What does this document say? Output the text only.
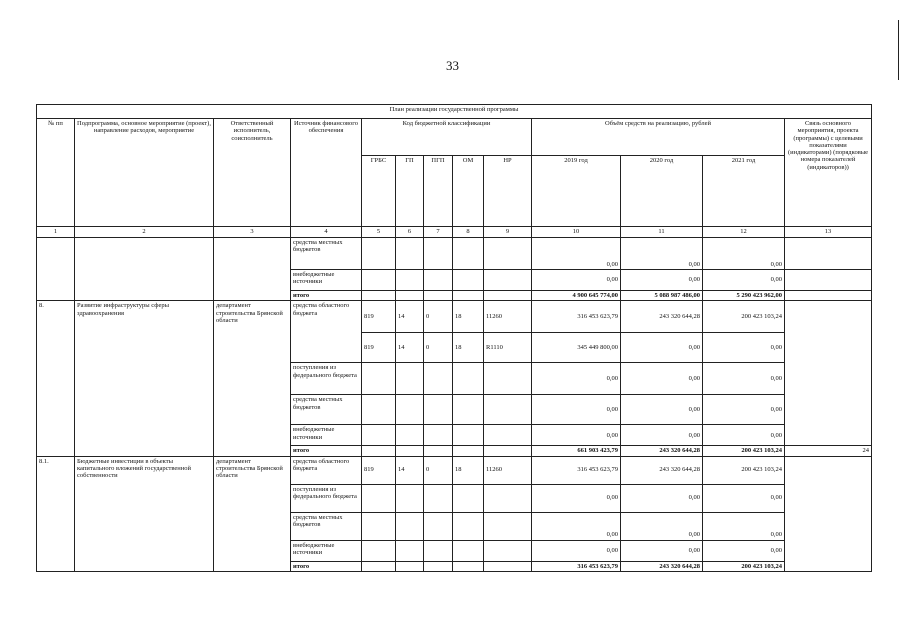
33
План реализации государственной программы												
№ пп	Подпрограмма, основное мероприятие (проект), направление расходов, мероприятие	Ответственный исполнитель, соисполнитель	Источник финансового обеспечения	Код бюджетной классификации					Объём средств на реализацию, рублей			Связь основного мероприятия, проекта (программы) с целевыми показателями (индикаторами) (порядковые номера показателей (индикаторов))
				ГРБС	ГП	ПГП	ОМ	НР	2019 год	2020 год	2021 год	
1	2	3	4	5	6	7	8	9	10	11	12	13
			средства местных бюджетов						0,00	0,00	0,00	
			внебюджетные источники						0,00	0,00	0,00	
			итого						4 900 645 774,00	5 088 987 486,00	5 290 423 962,00	
8.	Развитие инфраструктуры сферы здравоохранения	департамент строительства Брянской области	средства областного бюджета	819	14	0	18	11260	316 453 623,79	243 320 644,28	200 423 103,24	
				819	14	0	18	R1110	345 449 800,00	0,00	0,00	
			поступления из федерального бюджета						0,00	0,00	0,00	
			средства местных бюджетов						0,00	0,00	0,00	
			внебюджетные источники						0,00	0,00	0,00	
			итого						661 903 423,79	243 320 644,28	200 423 103,24	24
8.1.	Бюджетные инвестиции в объекты капитального вложений государственной собственности	департамент строительства Брянской области	средства областного бюджета	819	14	0	18	11260	316 453 623,79	243 320 644,28	200 423 103,24	
			поступления из федерального бюджета						0,00	0,00	0,00	
			средства местных бюджетов						0,00	0,00	0,00	
			внебюджетные источники						0,00	0,00	0,00	
			итого						316 453 623,79	243 320 644,28	200 423 103,24	
